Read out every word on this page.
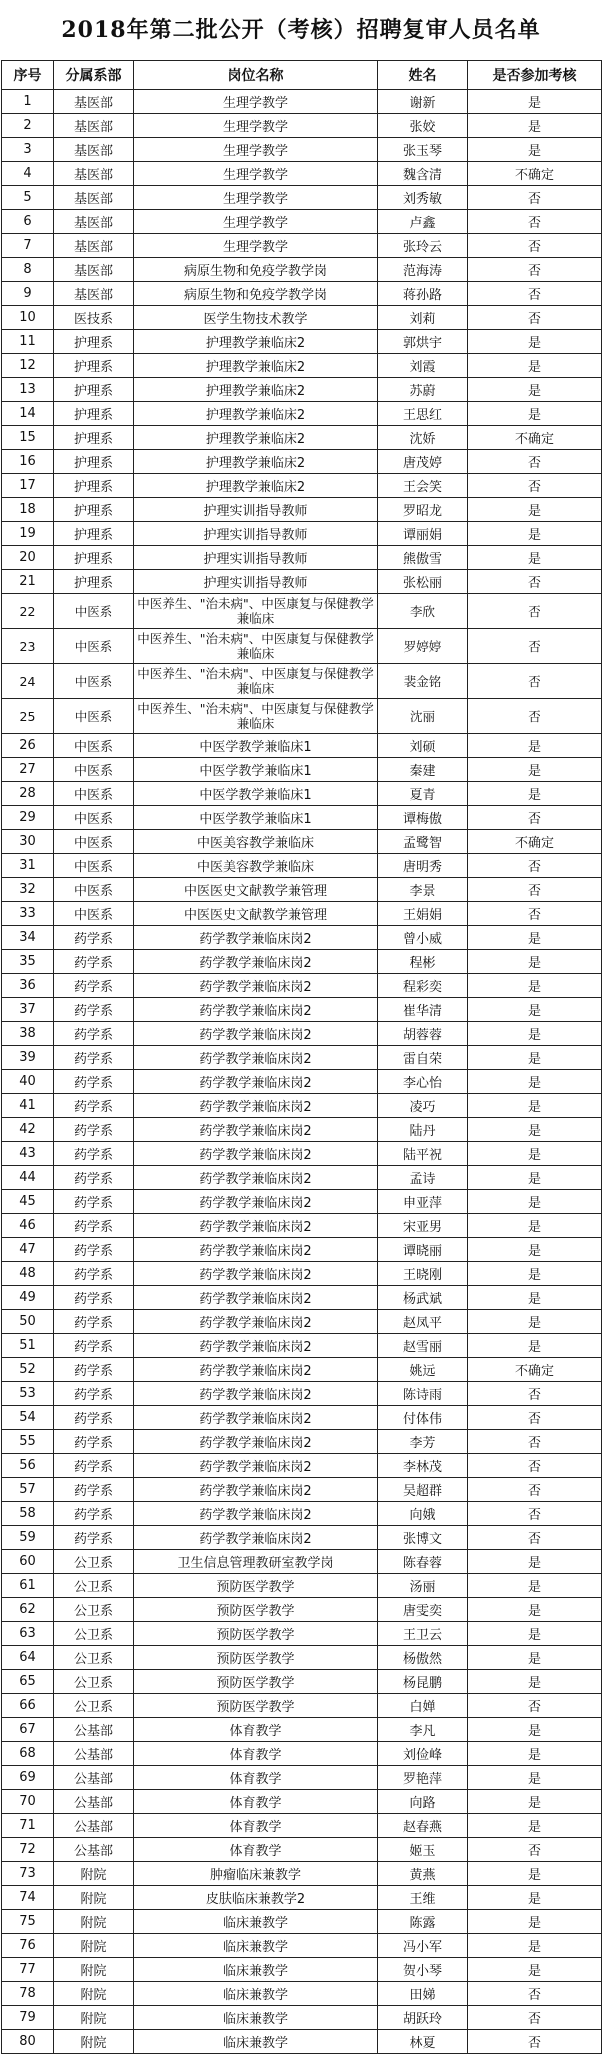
2018年第二批公开（考核）招聘复审人员名单
序号	分属系部	岗位名称	姓名	是否参加考核
1	基医部	生理学教学	谢新	是
2	基医部	生理学教学	张姣	是
3	基医部	生理学教学	张玉琴	是
4	基医部	生理学教学	魏含清	不确定
5	基医部	生理学教学	刘秀敏	否
6	基医部	生理学教学	卢鑫	否
7	基医部	生理学教学	张玲云	否
8	基医部	病原生物和免疫学教学岗	范海涛	否
9	基医部	病原生物和免疫学教学岗	蒋孙路	否
10	医技系	医学生物技术教学	刘莉	否
11	护理系	护理教学兼临床2	郭烘宇	是
12	护理系	护理教学兼临床2	刘霞	是
13	护理系	护理教学兼临床2	苏蔚	是
14	护理系	护理教学兼临床2	王思红	是
15	护理系	护理教学兼临床2	沈娇	不确定
16	护理系	护理教学兼临床2	唐茂婷	否
17	护理系	护理教学兼临床2	王会笑	否
18	护理系	护理实训指导教师	罗昭龙	是
19	护理系	护理实训指导教师	谭丽娟	是
20	护理系	护理实训指导教师	熊傲雪	是
21	护理系	护理实训指导教师	张松丽	否
22	中医系	中医养生、"治未病"、中医康复与保健教学兼临床	李欣	否
23	中医系	中医养生、"治未病"、中医康复与保健教学兼临床	罗婷婷	否
24	中医系	中医养生、"治未病"、中医康复与保健教学兼临床	裴金铭	否
25	中医系	中医养生、"治未病"、中医康复与保健教学兼临床	沈丽	否
26	中医系	中医学教学兼临床1	刘硕	是
27	中医系	中医学教学兼临床1	秦建	是
28	中医系	中医学教学兼临床1	夏青	是
29	中医系	中医学教学兼临床1	谭梅傲	否
30	中医系	中医美容教学兼临床	孟鹭智	不确定
31	中医系	中医美容教学兼临床	唐明秀	否
32	中医系	中医医史文献教学兼管理	李景	否
33	中医系	中医医史文献教学兼管理	王娟娟	否
34	药学系	药学教学兼临床岗2	曾小威	是
35	药学系	药学教学兼临床岗2	程彬	是
36	药学系	药学教学兼临床岗2	程彩奕	是
37	药学系	药学教学兼临床岗2	崔华清	是
38	药学系	药学教学兼临床岗2	胡蓉蓉	是
39	药学系	药学教学兼临床岗2	雷自荣	是
40	药学系	药学教学兼临床岗2	李心怡	是
41	药学系	药学教学兼临床岗2	凌巧	是
42	药学系	药学教学兼临床岗2	陆丹	是
43	药学系	药学教学兼临床岗2	陆平祝	是
44	药学系	药学教学兼临床岗2	孟诗	是
45	药学系	药学教学兼临床岗2	申亚萍	是
46	药学系	药学教学兼临床岗2	宋亚男	是
47	药学系	药学教学兼临床岗2	谭晓丽	是
48	药学系	药学教学兼临床岗2	王晓刚	是
49	药学系	药学教学兼临床岗2	杨武斌	是
50	药学系	药学教学兼临床岗2	赵凤平	是
51	药学系	药学教学兼临床岗2	赵雪丽	是
52	药学系	药学教学兼临床岗2	姚远	不确定
53	药学系	药学教学兼临床岗2	陈诗雨	否
54	药学系	药学教学兼临床岗2	付体伟	否
55	药学系	药学教学兼临床岗2	李芳	否
56	药学系	药学教学兼临床岗2	李林茂	否
57	药学系	药学教学兼临床岗2	吴超群	否
58	药学系	药学教学兼临床岗2	向娥	否
59	药学系	药学教学兼临床岗2	张博文	否
60	公卫系	卫生信息管理教研室教学岗	陈春蓉	是
61	公卫系	预防医学教学	汤丽	是
62	公卫系	预防医学教学	唐雯奕	是
63	公卫系	预防医学教学	王卫云	是
64	公卫系	预防医学教学	杨傲然	是
65	公卫系	预防医学教学	杨昆鹏	是
66	公卫系	预防医学教学	白婵	否
67	公基部	体育教学	李凡	是
68	公基部	体育教学	刘俭峰	是
69	公基部	体育教学	罗艳萍	是
70	公基部	体育教学	向路	是
71	公基部	体育教学	赵春燕	是
72	公基部	体育教学	姬玉	否
73	附院	肿瘤临床兼教学	黄燕	是
74	附院	皮肤临床兼教学2	王维	是
75	附院	临床兼教学	陈露	是
76	附院	临床兼教学	冯小军	是
77	附院	临床兼教学	贺小琴	是
78	附院	临床兼教学	田娣	否
79	附院	临床兼教学	胡跃玲	否
80	附院	临床兼教学	林夏	否
